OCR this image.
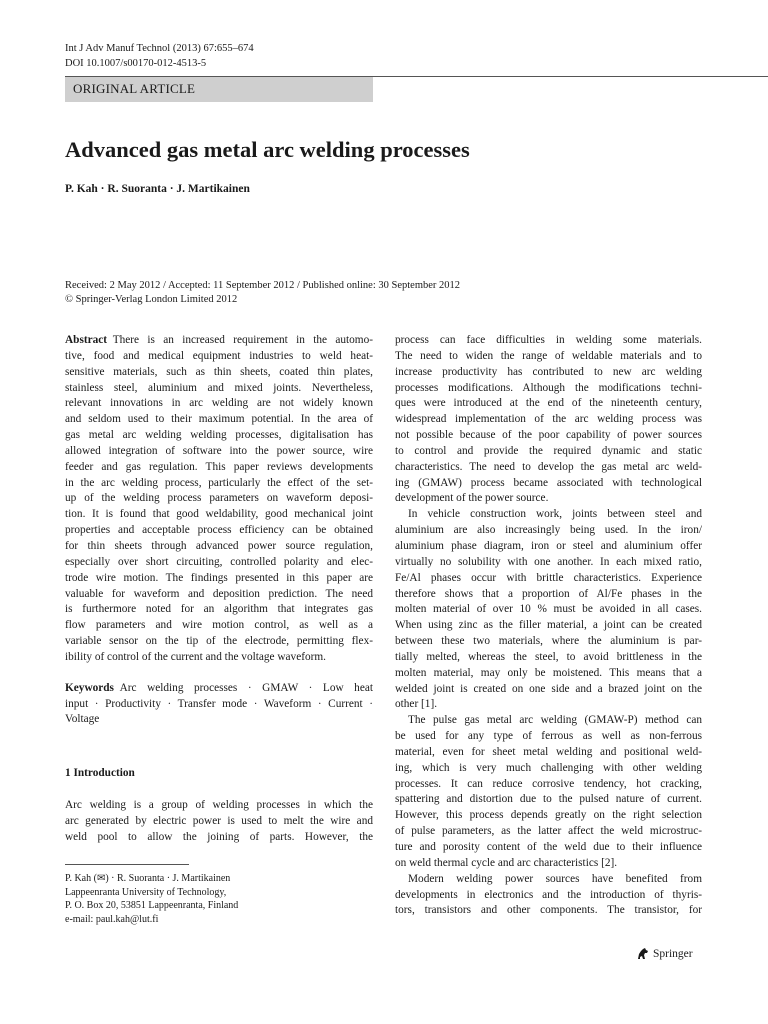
Int J Adv Manuf Technol (2013) 67:655–674
DOI 10.1007/s00170-012-4513-5
ORIGINAL ARTICLE
Advanced gas metal arc welding processes
P. Kah · R. Suoranta · J. Martikainen
Received: 2 May 2012 / Accepted: 11 September 2012 / Published online: 30 September 2012
© Springer-Verlag London Limited 2012
Abstract There is an increased requirement in the automo-
tive, food and medical equipment industries to weld heat-
sensitive materials, such as thin sheets, coated thin plates,
stainless steel, aluminium and mixed joints. Nevertheless,
relevant innovations in arc welding are not widely known
and seldom used to their maximum potential. In the area of
gas metal arc welding welding processes, digitalisation has
allowed integration of software into the power source, wire
feeder and gas regulation. This paper reviews developments
in the arc welding process, particularly the effect of the set-
up of the welding process parameters on waveform deposi-
tion. It is found that good weldability, good mechanical joint
properties and acceptable process efficiency can be obtained
for thin sheets through advanced power source regulation,
especially over short circuiting, controlled polarity and elec-
trode wire motion. The findings presented in this paper are
valuable for waveform and deposition prediction. The need
is furthermore noted for an algorithm that integrates gas
flow parameters and wire motion control, as well as a
variable sensor on the tip of the electrode, permitting flex-
ibility of control of the current and the voltage waveform.
Keywords Arc welding processes · GMAW · Low heat
input · Productivity · Transfer mode · Waveform · Current ·
Voltage
1 Introduction
Arc welding is a group of welding processes in which the
arc generated by electric power is used to melt the wire and
weld pool to allow the joining of parts. However, the
P. Kah (✉) · R. Suoranta · J. Martikainen
Lappeenranta University of Technology,
P. O. Box 20, 53851 Lappeenranta, Finland
e-mail: paul.kah@lut.fi
process can face difficulties in welding some materials.
The need to widen the range of weldable materials and to
increase productivity has contributed to new arc welding
processes modifications. Although the modifications techni-
ques were introduced at the end of the nineteenth century,
widespread implementation of the arc welding process was
not possible because of the poor capability of power sources
to control and provide the required dynamic and static
characteristics. The need to develop the gas metal arc weld-
ing (GMAW) process became associated with technological
development of the power source.
In vehicle construction work, joints between steel and
aluminium are also increasingly being used. In the iron/
aluminium phase diagram, iron or steel and aluminium offer
virtually no solubility with one another. In each mixed ratio,
Fe/Al phases occur with brittle characteristics. Experience
therefore shows that a proportion of Al/Fe phases in the
molten material of over 10 % must be avoided in all cases.
When using zinc as the filler material, a joint can be created
between these two materials, where the aluminium is par-
tially melted, whereas the steel, to avoid brittleness in the
molten material, may only be moistened. This means that a
welded joint is created on one side and a brazed joint on the
other [1].
The pulse gas metal arc welding (GMAW-P) method can
be used for any type of ferrous as well as non-ferrous
material, even for sheet metal welding and positional weld-
ing, which is very much challenging with other welding
processes. It can reduce corrosive tendency, hot cracking,
spattering and distortion due to the pulsed nature of current.
However, this process depends greatly on the right selection
of pulse parameters, as the latter affect the weld microstruc-
ture and porosity content of the weld due to their influence
on weld thermal cycle and arc characteristics [2].
Modern welding power sources have benefited from
developments in electronics and the introduction of thyris-
tors, transistors and other components. The transistor, for
Springer
